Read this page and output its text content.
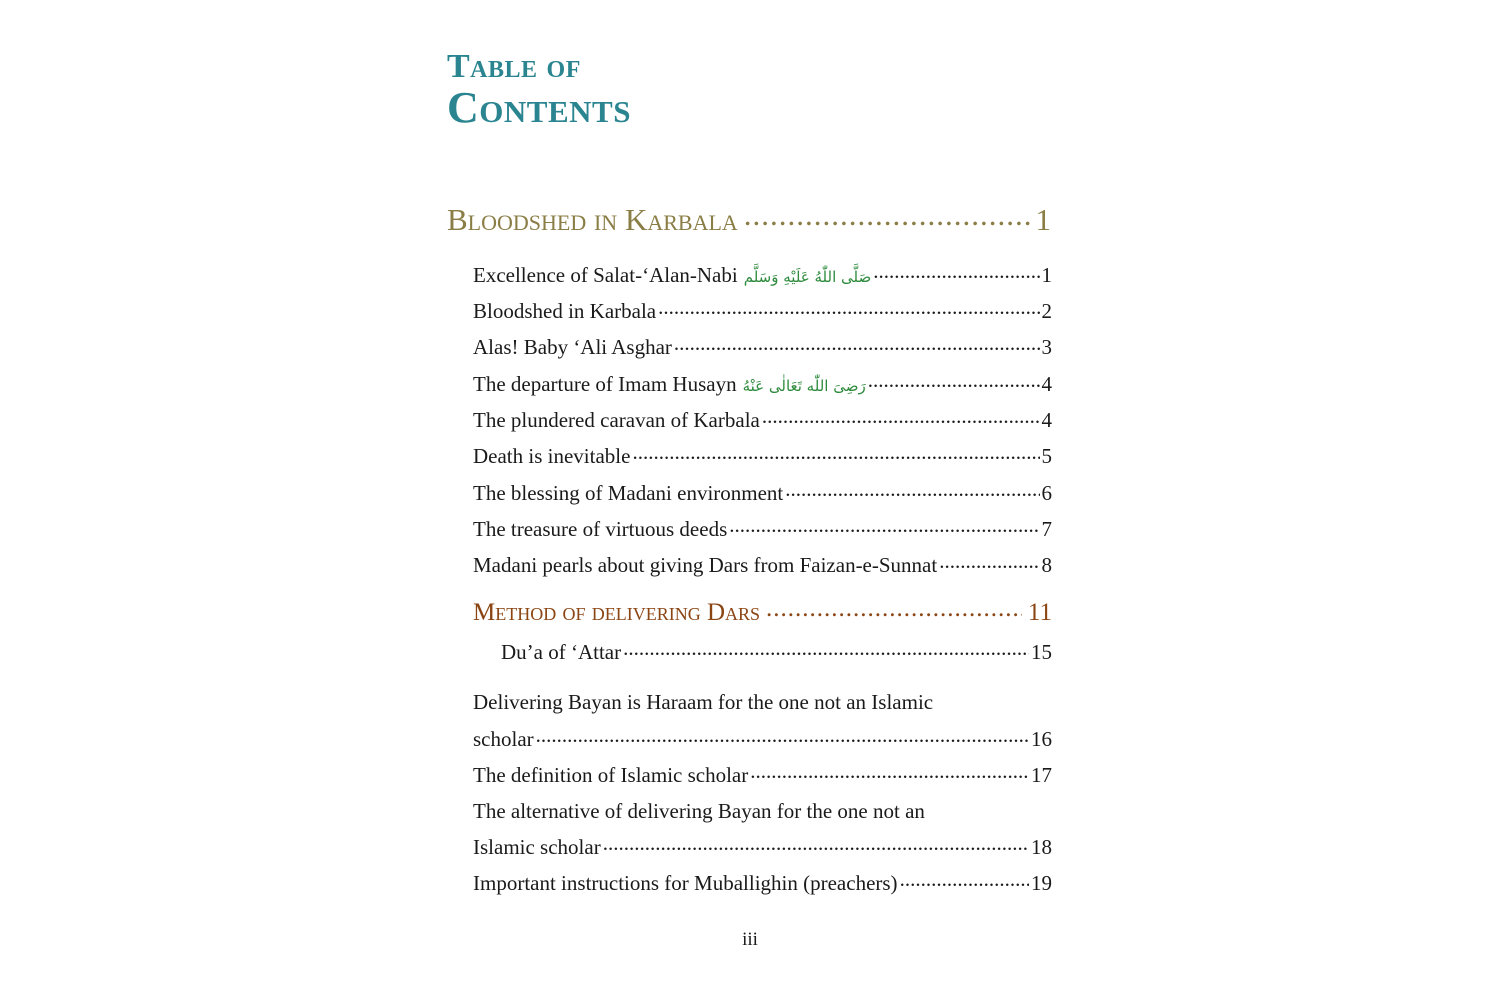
Table of
Contents
Bloodshed in Karbala .....	1
Excellence of Salat-‘Alan-Nabi صَلَّى اللّٰهُ عَلَيْهِ وَسَلَّم .....	1
Bloodshed in Karbala .....	2
Alas! Baby ‘Ali Asghar .....	3
The departure of Imam Husayn رَضِىَ اللّٰه تَعَالٰى عَنْهُ .....	4
The plundered caravan of Karbala .....	4
Death is inevitable .....	5
The blessing of Madani environment .....	6
The treasure of virtuous deeds .....	7
Madani pearls about giving Dars from Faizan-e-Sunnat .....	8
Method of delivering Dars .....	11
Du’a of ‘Attar .....	15
Delivering Bayan is Haraam for the one not an Islamic
scholar .....	16
The definition of Islamic scholar .....	17
The alternative of delivering Bayan for the one not an
Islamic scholar .....	18
Important instructions for Muballighin (preachers) .....	19
iii
